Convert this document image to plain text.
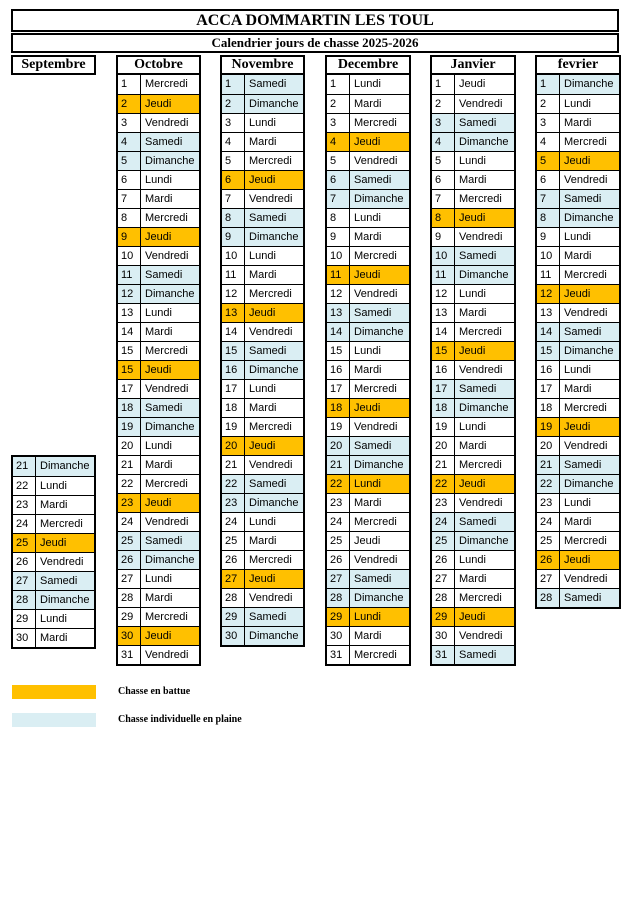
ACCA DOMMARTIN LES TOUL
Calendrier jours de chasse 2025-2026
Septembre
21	Dimanche
22	Lundi
23	Mardi
24	Mercredi
25	Jeudi
26	Vendredi
27	Samedi
28	Dimanche
29	Lundi
30	Mardi
Octobre
1	Mercredi
2	Jeudi
3	Vendredi
4	Samedi
5	Dimanche
6	Lundi
7	Mardi
8	Mercredi
9	Jeudi
10	Vendredi
11	Samedi
12	Dimanche
13	Lundi
14	Mardi
15	Mercredi
15	Jeudi
17	Vendredi
18	Samedi
19	Dimanche
20	Lundi
21	Mardi
22	Mercredi
23	Jeudi
24	Vendredi
25	Samedi
26	Dimanche
27	Lundi
28	Mardi
29	Mercredi
30	Jeudi
31	Vendredi
Novembre
1	Samedi
2	Dimanche
3	Lundi
4	Mardi
5	Mercredi
6	Jeudi
7	Vendredi
8	Samedi
9	Dimanche
10	Lundi
11	Mardi
12	Mercredi
13	Jeudi
14	Vendredi
15	Samedi
16	Dimanche
17	Lundi
18	Mardi
19	Mercredi
20	Jeudi
21	Vendredi
22	Samedi
23	Dimanche
24	Lundi
25	Mardi
26	Mercredi
27	Jeudi
28	Vendredi
29	Samedi
30	Dimanche
Decembre
1	Lundi
2	Mardi
3	Mercredi
4	Jeudi
5	Vendredi
6	Samedi
7	Dimanche
8	Lundi
9	Mardi
10	Mercredi
11	Jeudi
12	Vendredi
13	Samedi
14	Dimanche
15	Lundi
16	Mardi
17	Mercredi
18	Jeudi
19	Vendredi
20	Samedi
21	Dimanche
22	Lundi
23	Mardi
24	Mercredi
25	Jeudi
26	Vendredi
27	Samedi
28	Dimanche
29	Lundi
30	Mardi
31	Mercredi
Janvier
1	Jeudi
2	Vendredi
3	Samedi
4	Dimanche
5	Lundi
6	Mardi
7	Mercredi
8	Jeudi
9	Vendredi
10	Samedi
11	Dimanche
12	Lundi
13	Mardi
14	Mercredi
15	Jeudi
16	Vendredi
17	Samedi
18	Dimanche
19	Lundi
20	Mardi
21	Mercredi
22	Jeudi
23	Vendredi
24	Samedi
25	Dimanche
26	Lundi
27	Mardi
28	Mercredi
29	Jeudi
30	Vendredi
31	Samedi
fevrier
1	Dimanche
2	Lundi
3	Mardi
4	Mercredi
5	Jeudi
6	Vendredi
7	Samedi
8	Dimanche
9	Lundi
10	Mardi
11	Mercredi
12	Jeudi
13	Vendredi
14	Samedi
15	Dimanche
16	Lundi
17	Mardi
18	Mercredi
19	Jeudi
20	Vendredi
21	Samedi
22	Dimanche
23	Lundi
24	Mardi
25	Mercredi
26	Jeudi
27	Vendredi
28	Samedi
Chasse en battue
Chasse individuelle en plaine
